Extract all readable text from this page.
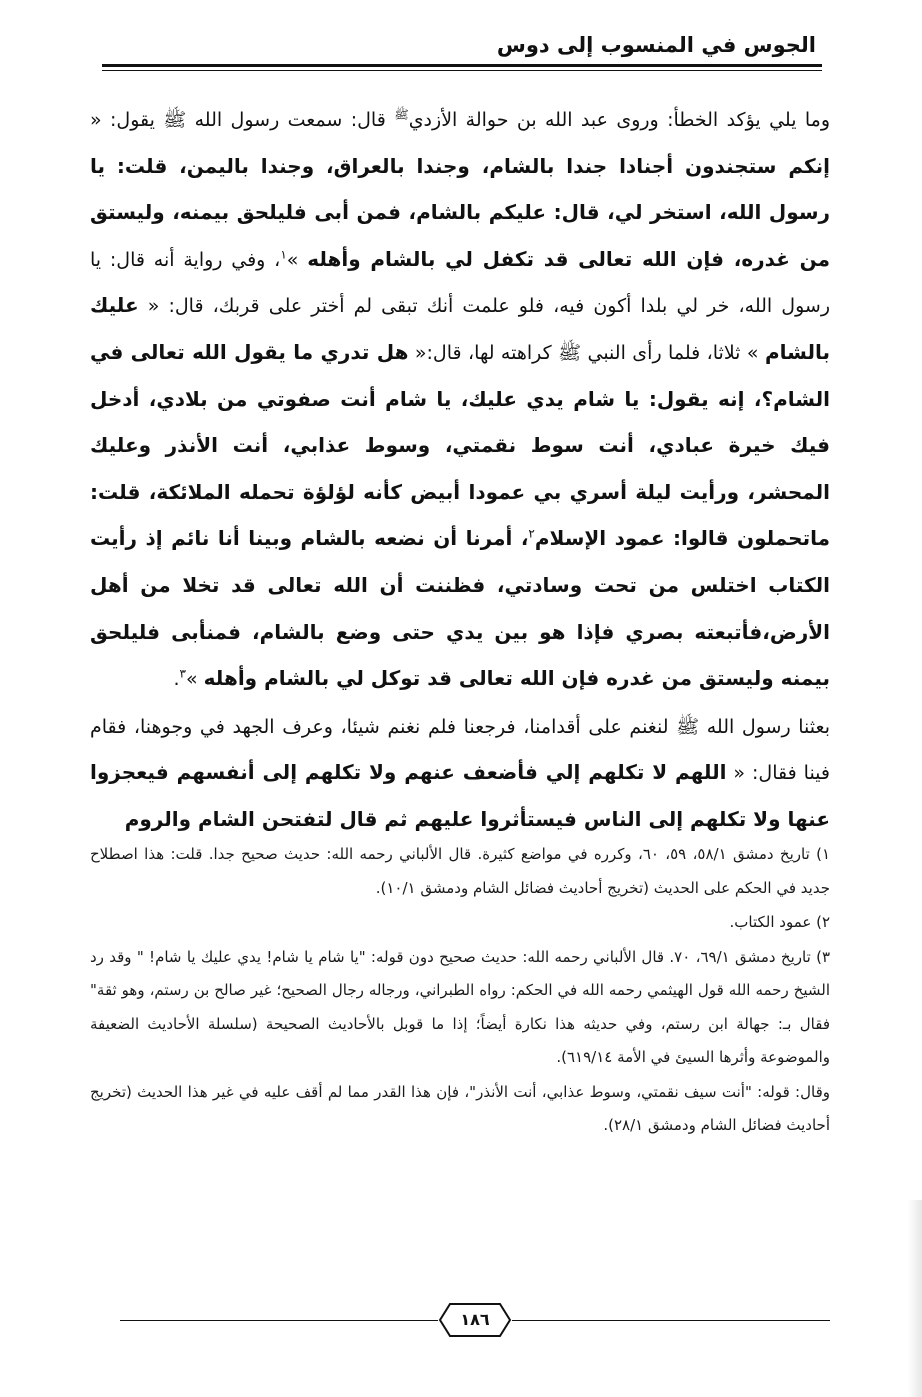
الجوس في المنسوب إلى دوس

وما يلي يؤكد الخطأ: وروى عبد الله بن حوالة الأزدي$^ﷺ$ قال: سمعت رسول الله ﷺ يقول: « إنكم ستجندون أجنادا جندا بالشام، وجندا بالعراق، وجندا باليمن، قلت: يا رسول الله، استخر لي، قال: عليكم بالشام، فمن أبى فليلحق بيمنه، وليستق من غدره، فإن الله تعالى قد تكفل لي بالشام وأهله »$^١$، وفي رواية أنه قال: يا رسول الله، خر لي بلدا أكون فيه، فلو علمت أنك تبقى لم أختر على قربك، قال: « عليك بالشام » ثلاثا، فلما رأى النبي ﷺ كراهته لها، قال:« هل تدري ما يقول الله تعالى في الشام؟، إنه يقول: يا شام يدي عليك، يا شام أنت صفوتي من بلادي، أدخل فيك خيرة عبادي، أنت سوط نقمتي، وسوط عذابي، أنت الأنذر وعليك المحشر، ورأيت ليلة أسري بي عمودا أبيض كأنه لؤلؤة تحمله الملائكة، قلت: ماتحملون قالوا: عمود الإسلام$^٢$، أمرنا أن نضعه بالشام وبينا أنا نائم إذ رأيت الكتاب اختلس من تحت وسادتي، فظننت أن الله تعالى قد تخلا من أهل الأرض،فأتبعته بصري فإذا هو بين يدي حتى وضع بالشام، فمنأبى فليلحق بيمنه وليستق من غدره فإن الله تعالى قد توكل لي بالشام وأهله »$^٣$.

بعثنا رسول الله ﷺ لنغنم على أقدامنا، فرجعنا فلم نغنم شيئا، وعرف الجهد في وجوهنا، فقام فينا فقال: « اللهم لا تكلهم إلي فأضعف عنهم ولا تكلهم إلى أنفسهم فيعجزوا عنها ولا تكلهم إلى الناس فيستأثروا عليهم ثم قال لتفتحن الشام والروم

١) تاريخ دمشق ٥٨/١، ٥٩، ٦٠، وكرره في مواضع كثيرة. قال الألباني رحمه الله: حديث صحيح جدا. قلت: هذا اصطلاح جديد في الحكم على الحديث (تخريج أحاديث فضائل الشام ودمشق ١٠/١).

٢) عمود الكتاب.

٣) تاريخ دمشق ٦٩/١، ٧٠. قال الألباني رحمه الله: حديث صحيح دون قوله: "يا شام يا شام! يدي عليك يا شام! " وقد رد الشيخ رحمه الله قول الهيثمي رحمه الله في الحكم: رواه الطبراني، ورجاله رجال الصحيح؛ غير صالح بن رستم، وهو ثقة" فقال بـ: جهالة ابن رستم، وفي حديثه هذا نكارة أيضاً؛ إذا ما قوبل بالأحاديث الصحيحة (سلسلة الأحاديث الضعيفة والموضوعة وأثرها السيئ في الأمة ٦١٩/١٤).

وقال: قوله: "أنت سيف نقمتي، وسوط عذابي، أنت الأنذر"، فإن هذا القدر مما لم أقف عليه في غير هذا الحديث (تخريج أحاديث فضائل الشام ودمشق ٢٨/١).

١٨٦
